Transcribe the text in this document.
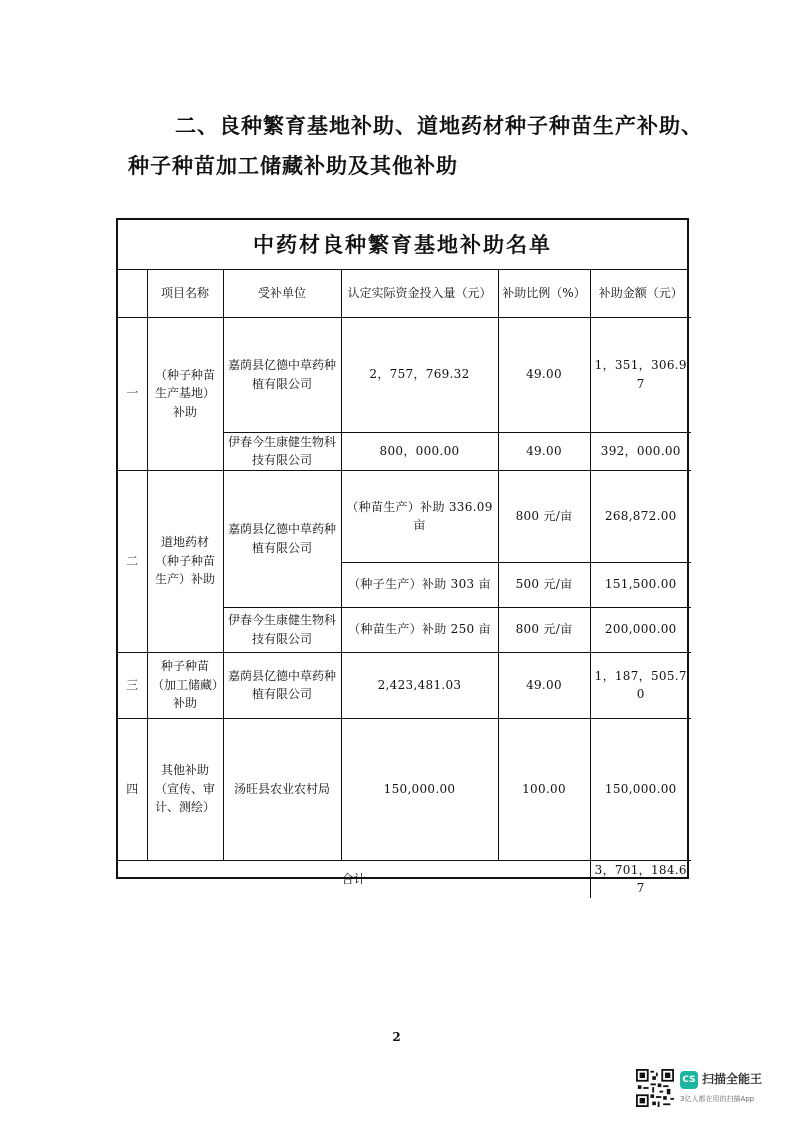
二、良种繁育基地补助、道地药材种子种苗生产补助、
种子种苗加工储藏补助及其他补助
中药材良种繁育基地补助名单
	项目名称	受补单位	认定实际资金投入量（元）	补助比例（%）	补助金额（元）
一	（种子种苗生产基地）补助	嘉荫县亿德中草药种植有限公司	2，757，769.32	49.00	1，351，306.97
		伊春今生康健生物科技有限公司	800，000.00	49.00	392，000.00
二	道地药材（种子种苗生产）补助	嘉荫县亿德中草药种植有限公司	（种苗生产）补助 336.09 亩	800 元/亩	268,872.00
			（种子生产）补助 303 亩	500 元/亩	151,500.00
		伊春今生康健生物科技有限公司	（种苗生产）补助 250 亩	800 元/亩	200,000.00
三	种子种苗（加工储藏）补助	嘉荫县亿德中草药种植有限公司	2,423,481.03	49.00	1，187，505.70
四	其他补助（宣传、审计、测绘）	汤旺县农业农村局	150,000.00	100.00	150,000.00
合计					3，701，184.67
2
CS 扫描全能王
3亿人都在用的扫描App
